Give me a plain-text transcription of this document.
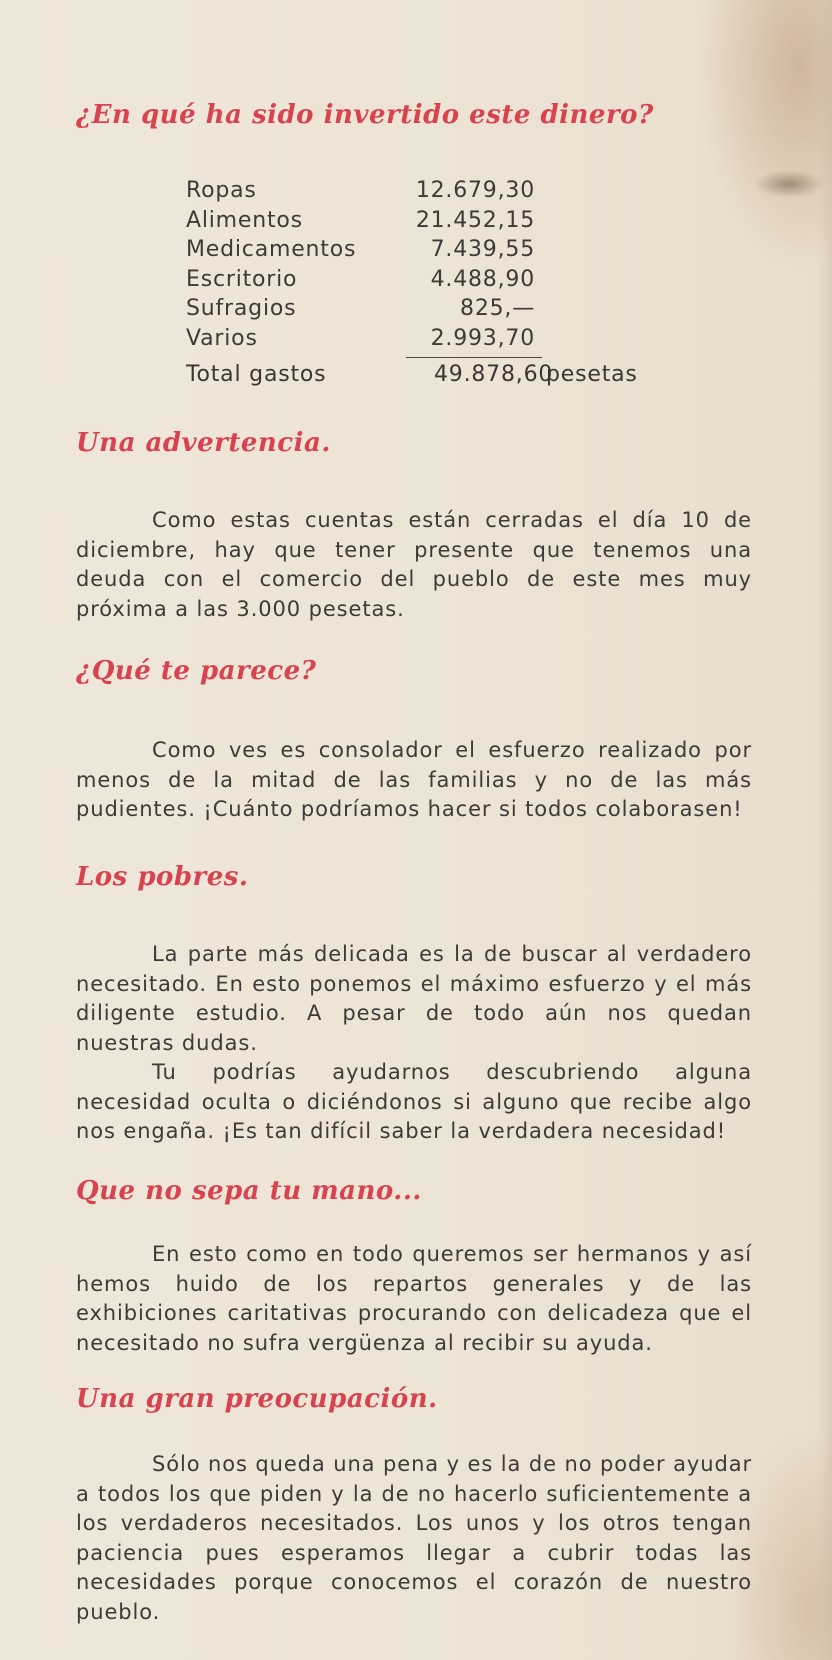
¿En qué ha sido invertido este dinero?
Ropas	12.679,30
Alimentos	21.452,15
Medicamentos	7.439,55
Escritorio	4.488,90
Sufragios	825,—
Varios	2.993,70
Total gastos	49.878,60
pesetas
Una advertencia.

Como estas cuentas están cerradas el día 10 de diciembre, hay que tener presente que tenemos una deuda con el comercio del pueblo de este mes muy próxima a las 3.000 pesetas.

¿Qué te parece?

Como ves es consolador el esfuerzo realizado por menos de la mitad de las familias y no de las más pudientes. ¡Cuánto podríamos hacer si todos colaborasen!

Los pobres.

La parte más delicada es la de buscar al verdadero necesitado. En esto ponemos el máximo esfuerzo y el más diligente estudio. A pesar de todo aún nos quedan nuestras dudas.

Tu podrías ayudarnos descubriendo alguna necesidad oculta o diciéndonos si alguno que recibe algo nos engaña. ¡Es tan difícil saber la verdadera necesidad!

Que no sepa tu mano...

En esto como en todo queremos ser hermanos y así hemos huido de los repartos generales y de las exhibiciones caritativas procurando con delicadeza que el necesitado no sufra vergüenza al recibir su ayuda.

Una gran preocupación.

Sólo nos queda una pena y es la de no poder ayudar a todos los que piden y la de no hacerlo suficientemente a los verdaderos necesitados. Los unos y los otros tengan paciencia pues esperamos llegar a cubrir todas las necesidades porque conocemos el corazón de nuestro pueblo.
